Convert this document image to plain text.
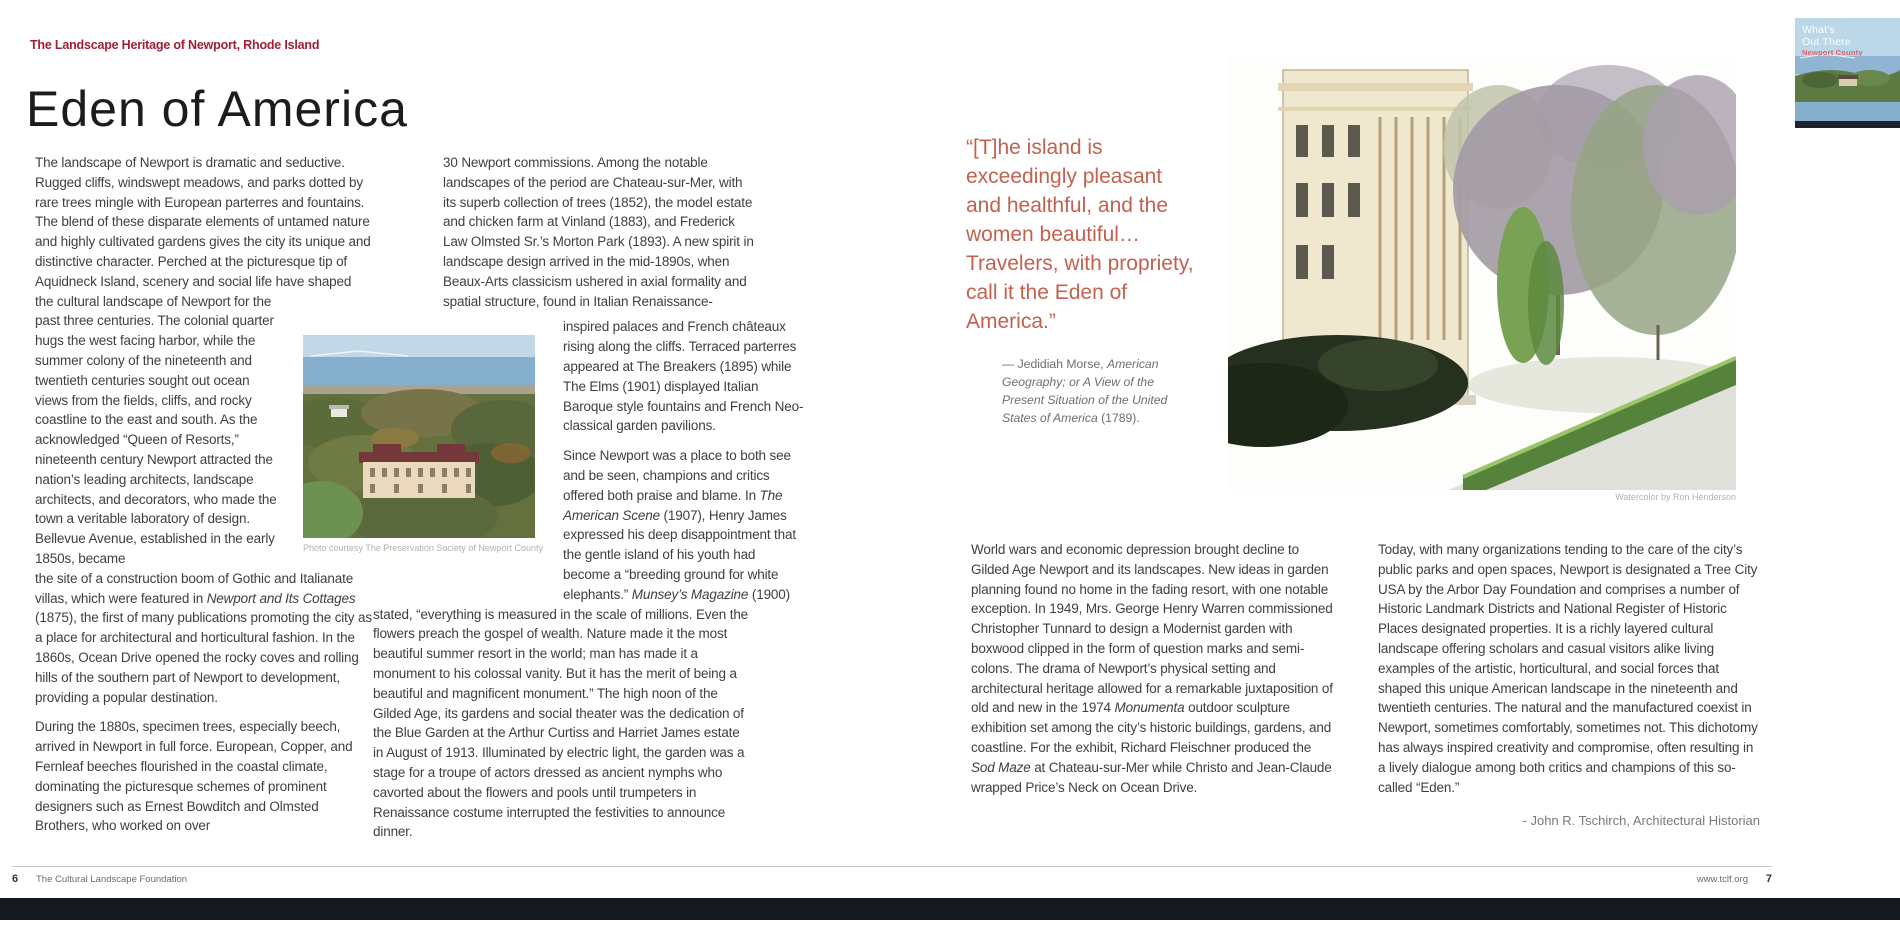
The Landscape Heritage of Newport, Rhode Island
Eden of America
The landscape of Newport is dramatic and seductive. Rugged cliffs, windswept meadows, and parks dotted by rare trees mingle with European parterres and fountains. The blend of these disparate elements of untamed nature and highly cultivated gardens gives the city its unique and distinctive character. Perched at the picturesque tip of Aquidneck Island, scenery and social life have shaped
the cultural landscape of Newport for the past three centuries. The colonial quarter hugs the west facing harbor, while the summer colony of the nineteenth and twentieth centuries sought out ocean views from the fields, cliffs, and rocky coastline to the east and south. As the acknowledged “Queen of Resorts,” nineteenth century Newport attracted the nation’s leading architects, landscape architects, and decorators, who made the town a veritable laboratory of design. Bellevue Avenue, established in the early 1850s, became
the site of a construction boom of Gothic and Italianate villas, which were featured in Newport and Its Cottages (1875), the first of many publications promoting the city as a place for architectural and horticultural fashion. In the 1860s, Ocean Drive opened the rocky coves and rolling hills of the southern part of Newport to development, providing a popular destination.
During the 1880s, specimen trees, especially beech, arrived in Newport in full force. European, Copper, and Fernleaf beeches flourished in the coastal climate, dominating the picturesque schemes of prominent designers such as Ernest Bowditch and Olmsted Brothers, who worked on over
Photo courtesy The Preservation Society of Newport County
30 Newport commissions. Among the notable landscapes of the period are Chateau-sur-Mer, with its superb collection of trees (1852), the model estate and chicken farm at Vinland (1883), and Frederick Law Olmsted Sr.’s Morton Park (1893). A new spirit in landscape design arrived in the mid-1890s, when Beaux-Arts classicism ushered in axial formality and spatial structure, found in Italian Renaissance-
inspired palaces and French châteaux rising along the cliffs. Terraced parterres appeared at The Breakers (1895) while The Elms (1901) displayed Italian Baroque style fountains and French Neo-classical garden pavilions.
Since Newport was a place to both see and be seen, champions and critics offered both praise and blame. In The American Scene (1907), Henry James expressed his deep disappointment that the gentle island of his youth had become a “breeding ground for white elephants.” Munsey’s Magazine (1900)
stated, “everything is measured in the scale of millions. Even the flowers preach the gospel of wealth. Nature made it the most beautiful summer resort in the world; man has made it a monument to his colossal vanity. But it has the merit of being a beautiful and magnificent monument.” The high noon of the Gilded Age, its gardens and social theater was the dedication of the Blue Garden at the Arthur Curtiss and Harriet James estate in August of 1913. Illuminated by electric light, the garden was a stage for a troupe of actors dressed as ancient nymphs who cavorted about the flowers and pools until trumpeters in Renaissance costume interrupted the festivities to announce dinner.
“[T]he island is exceedingly pleasant and healthful, and the women beautiful… Travelers, with propriety, call it the Eden of America.”
— Jedidiah Morse, American Geography; or A View of the Present Situation of the United States of America (1789).
Watercolor by Ron Henderson
World wars and economic depression brought decline to Gilded Age Newport and its landscapes. New ideas in garden planning found no home in the fading resort, with one notable exception. In 1949, Mrs. George Henry Warren commissioned Christopher Tunnard to design a Modernist garden with boxwood clipped in the form of question marks and semi-colons. The drama of Newport’s physical setting and architectural heritage allowed for a remarkable juxtaposition of old and new in the 1974 Monumenta outdoor sculpture exhibition set among the city’s historic buildings, gardens, and coastline. For the exhibit, Richard Fleischner produced the Sod Maze at Chateau-sur-Mer while Christo and Jean-Claude wrapped Price’s Neck on Ocean Drive.
Today, with many organizations tending to the care of the city’s public parks and open spaces, Newport is designated a Tree City USA by the Arbor Day Foundation and comprises a number of Historic Landmark Districts and National Register of Historic Places designated properties. It is a richly layered cultural landscape offering scholars and casual visitors alike living examples of the artistic, horticultural, and social forces that shaped this unique American landscape in the nineteenth and twentieth centuries. The natural and the manufactured coexist in Newport, sometimes comfortably, sometimes not. This dichotomy has always inspired creativity and compromise, often resulting in a lively dialogue among both critics and champions of this so-called “Eden.”
- John R. Tschirch, Architectural Historian
What’s
Out There
Newport County
6 The Cultural Landscape Foundation	www.tclf.org 7
